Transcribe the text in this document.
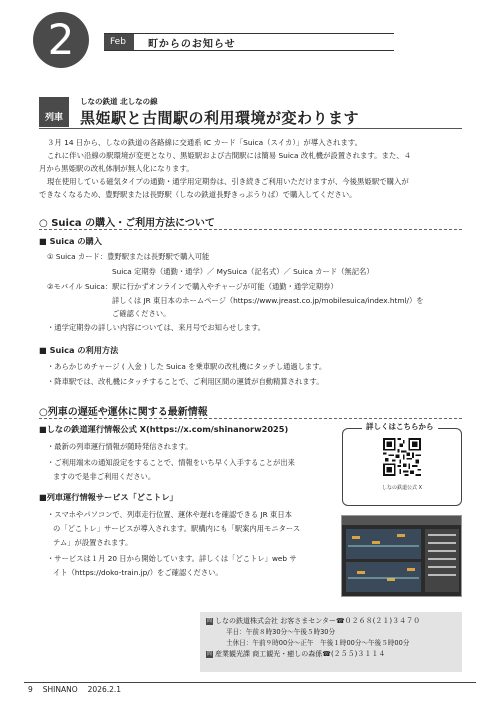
2	Feb	町からのお知らせ
列車
しなの鉄道 北しなの線
黒姫駅と古間駅の利用環境が変わります

３月 14 日から、しなの鉄道の各路線に交通系 IC カード「Suica（スイカ）」が導入されます。

これに伴い沿線の駅環境が変更となり、黒姫駅および古間駅には簡易 Suica 改札機が設置されます。また、４

月から黒姫駅の改札体制が無人化になります。

現在使用している磁気タイプの通勤・通学用定期券は、引き続きご利用いただけますが、今後黒姫駅で購入が

できなくなるため、豊野駅または長野駅（しなの鉄道長野きっぷうりば）で購入してください。
○ Suica の購入・ご利用方法について
■ Suica の購入
① Suica カード：豊野駅または長野駅で購入可能
Suica 定期券（通勤・通学）／ MySuica（記名式）／ Suica カード（無記名）
②モバイル Suica：駅に行かずオンラインで購入やチャージが可能（通勤・通学定期券）
詳しくは JR 東日本のホームページ（https://www.jreast.co.jp/mobilesuica/index.html/）を
ご確認ください。
・通学定期券の詳しい内容については、来月号でお知らせします。
■ Suica の利用方法
・あらかじめチャージ ( 入金 ) した Suica を乗車駅の改札機にタッチし通過します。
・降車駅では、改札機にタッチすることで、ご利用区間の運賃が自動精算されます。
○列車の遅延や運休に関する最新情報
■しなの鉄道運行情報公式 X(https://x.com/shinanorw2025)
・最新の列車運行情報が随時発信されます。
・ご利用端末の通知設定をすることで、情報をいち早く入手することが出来
ますので是非ご利用ください。
■列車運行情報サービス「どこトレ」
・スマホやパソコンで、列車走行位置、運休や遅れを確認できる JR 東日本
の「どこトレ」サービスが導入されます。駅構内にも「駅案内用モニタース
テム」が設置されます。
・サービスは１月 20 日から開始しています。詳しくは「どこトレ」web サ
イト（https://doko-train.jp/）をご確認ください。
詳しくはこちらから
しなの鉄道公式 X
問 しなの鉄道株式会社 お客さまセンター☎０２６８(２１)３４７０
平日：午前８時30分～午後５時30分
土休日：午前９時00分～正午　午後１時00分～午後５時00分
問 産業観光課 商工観光・癒しの森係☎(２５５)３１１４
9 SHINANO 2026.2.1
